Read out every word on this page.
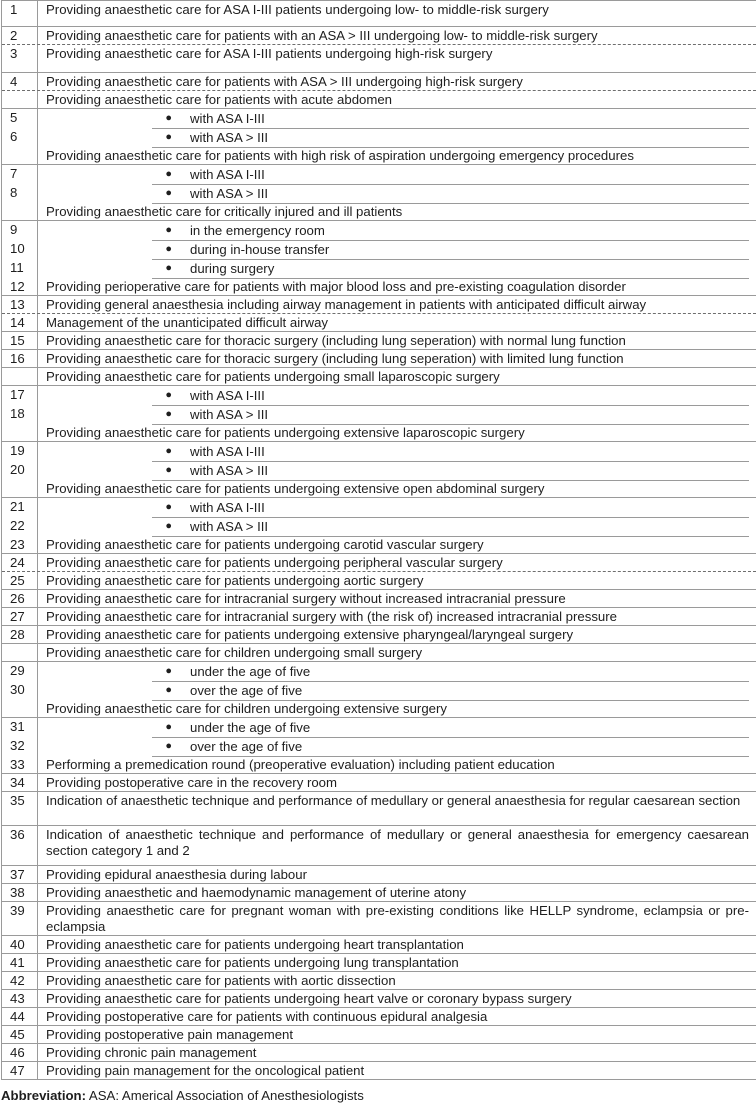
1	Providing anaesthetic care for ASA I-III patients undergoing low- to middle-risk surgery
2	Providing anaesthetic care for patients with an ASA > III undergoing low- to middle-risk surgery
3	Providing anaesthetic care for ASA I-III patients undergoing high-risk surgery
4	Providing anaesthetic care for patients with ASA > III undergoing high-risk surgery
Providing anaesthetic care for patients with acute abdomen
5	●	with ASA I-III
6	●	with ASA > III
Providing anaesthetic care for patients with high risk of aspiration undergoing emergency procedures
7	●	with ASA I-III
8	●	with ASA > III
Providing anaesthetic care for critically injured and ill patients
9	●	in the emergency room
10	●	during in-house transfer
11	●	during surgery
12	Providing perioperative care for patients with major blood loss and pre-existing coagulation disorder
13	Providing general anaesthesia including airway management in patients with anticipated difficult airway
14	Management of the unanticipated difficult airway
15	Providing anaesthetic care for thoracic surgery (including lung seperation) with normal lung function
16	Providing anaesthetic care for thoracic surgery (including lung seperation) with limited lung function
Providing anaesthetic care for patients undergoing small laparoscopic surgery
17	●	with ASA I-III
18	●	with ASA > III
Providing anaesthetic care for patients undergoing extensive laparoscopic surgery
19	●	with ASA I-III
20	●	with ASA > III
Providing anaesthetic care for patients undergoing extensive open abdominal surgery
21	●	with ASA I-III
22	●	with ASA > III
23	Providing anaesthetic care for patients undergoing carotid vascular surgery
24	Providing anaesthetic care for patients undergoing peripheral vascular surgery
25	Providing anaesthetic care for patients undergoing aortic surgery
26	Providing anaesthetic care for intracranial surgery without increased intracranial pressure
27	Providing anaesthetic care for intracranial surgery with (the risk of) increased intracranial pressure
28	Providing anaesthetic care for patients undergoing extensive pharyngeal/laryngeal surgery
Providing anaesthetic care for children undergoing small surgery
29	●	under the age of five
30	●	over the age of five
Providing anaesthetic care for children undergoing extensive surgery
31	●	under the age of five
32	●	over the age of five
33	Performing a premedication round (preoperative evaluation) including patient education
34	Providing postoperative care in the recovery room
35	Indication of anaesthetic technique and performance of medullary or general anaesthesia for regular caesarean section
36	Indication of anaesthetic technique and performance of medullary or general anaesthesia for emergency caesarean section category 1 and 2
37	Providing epidural anaesthesia during labour
38	Providing anaesthetic and haemodynamic management of uterine atony
39	Providing anaesthetic care for pregnant woman with pre-existing conditions like HELLP syndrome, eclampsia or pre-eclampsia
40	Providing anaesthetic care for patients undergoing heart transplantation
41	Providing anaesthetic care for patients undergoing lung transplantation
42	Providing anaesthetic care for patients with aortic dissection
43	Providing anaesthetic care for patients undergoing heart valve or coronary bypass surgery
44	Providing postoperative care for patients with continuous epidural analgesia
45	Providing postoperative pain management
46	Providing chronic pain management
47	Providing pain management for the oncological patient
Abbreviation: ASA: Americal Association of Anesthesiologists
